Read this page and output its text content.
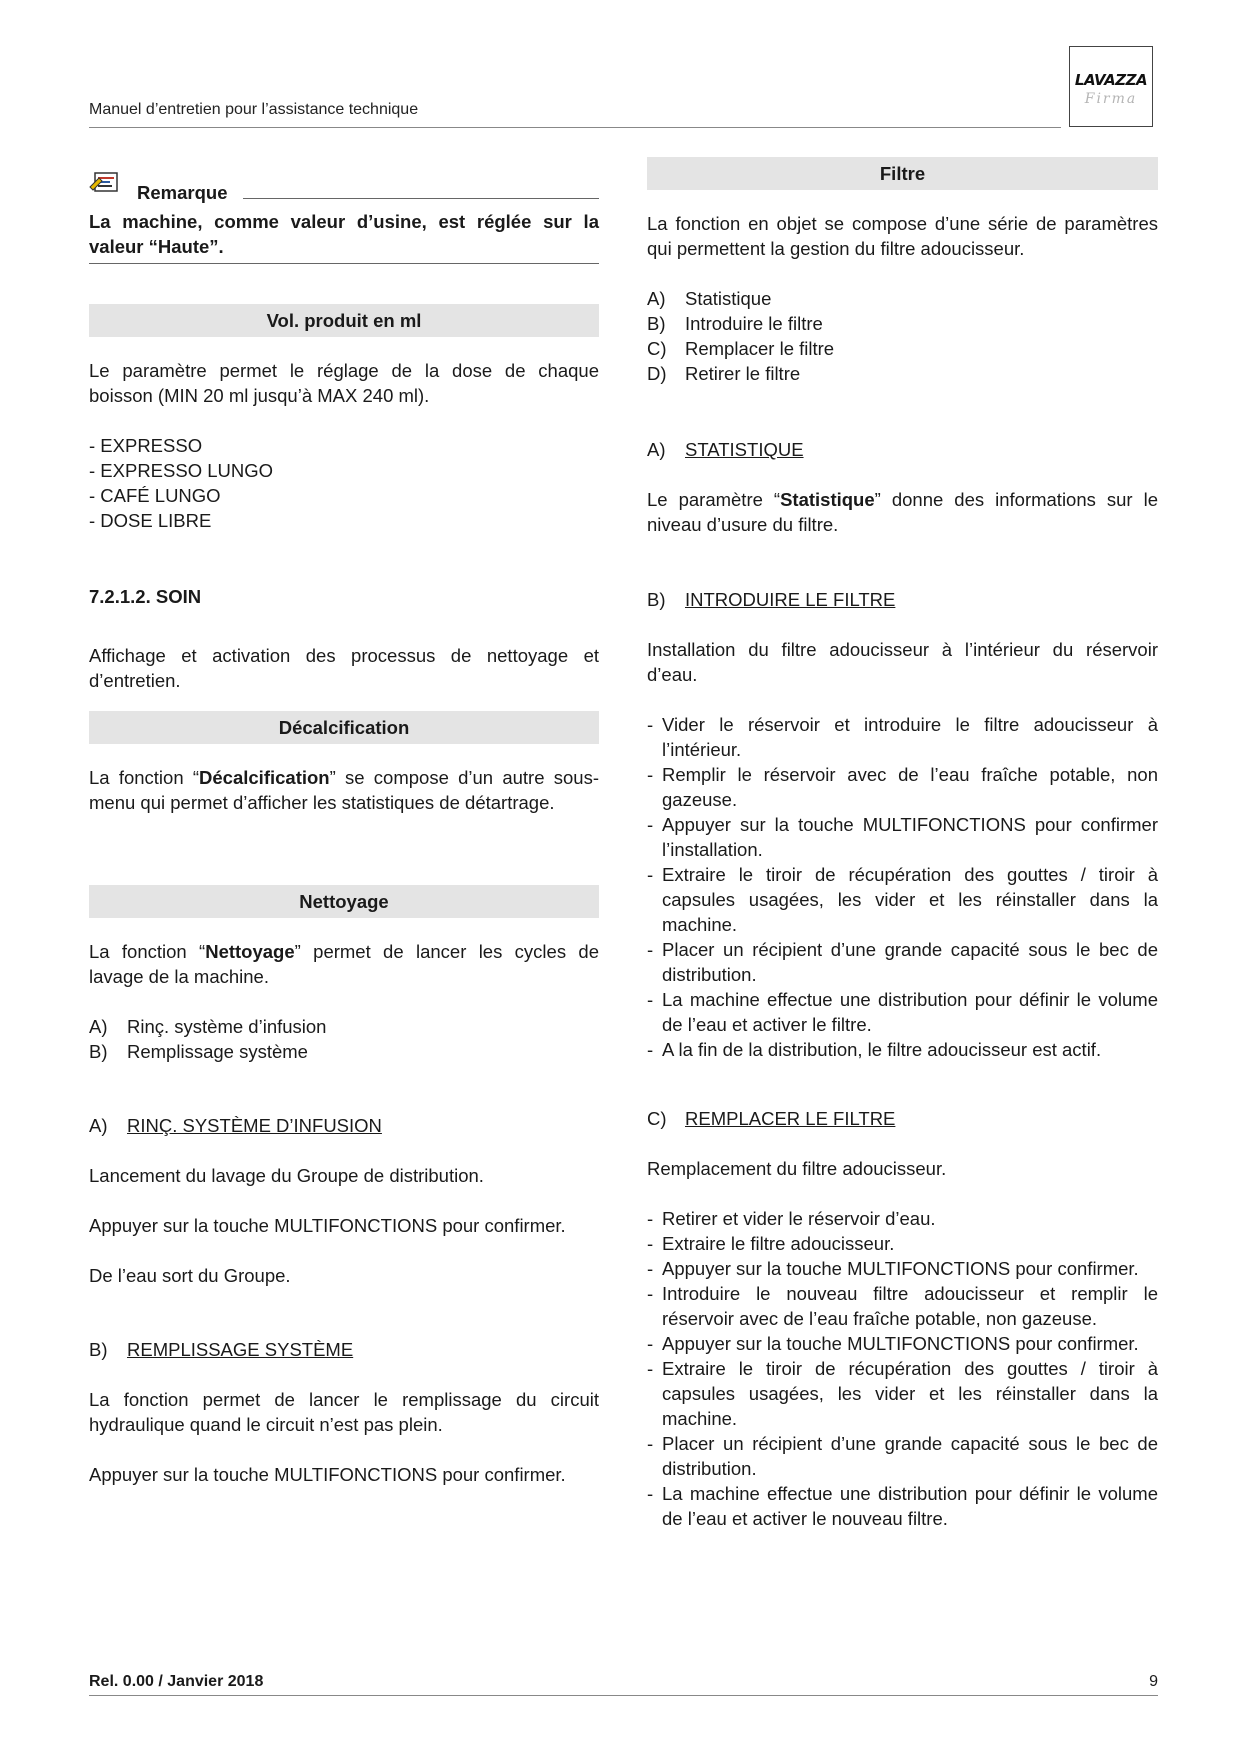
Manuel d’entretien pour l’assistance technique
LAVAZZA
Firma
Remarque

La machine, comme valeur d’usine, est réglée sur la valeur “Haute”.

Vol. produit en ml

Le paramètre permet le réglage de la dose de chaque boisson (MIN 20 ml jusqu’à MAX 240 ml).

- EXPRESSO
- EXPRESSO LUNGO
- CAFÉ LUNGO
- DOSE LIBRE
7.2.1.2. SOIN

Affichage et activation des processus de nettoyage et d’entretien.

Décalcification

La fonction “Décalcification” se compose d’un autre sous-menu qui permet d’afficher les statistiques de détartrage.

Nettoyage

La fonction “Nettoyage” permet de lancer les cycles de lavage de la machine.

A)	Rinç. système d’infusion
B)	Remplissage système
A)	RINÇ. SYSTÈME D’INFUSION

Lancement du lavage du Groupe de distribution.

Appuyer sur la touche MULTIFONCTIONS pour confirmer.

De l’eau sort du Groupe.

B)	REMPLISSAGE SYSTÈME

La fonction permet de lancer le remplissage du circuit hydraulique quand le circuit n’est pas plein.

Appuyer sur la touche MULTIFONCTIONS pour confirmer.

Filtre

La fonction en objet se compose d’une série de paramètres qui permettent la gestion du filtre adoucisseur.

A)	Statistique
B)	Introduire le filtre
C) Remplacer le filtre
D) Retirer le filtre
A)	STATISTIQUE

Le paramètre “Statistique” donne des informations sur le niveau d’usure du filtre.

B)	INTRODUIRE LE FILTRE

Installation du filtre adoucisseur à l’intérieur du réservoir d’eau.

- Vider le réservoir et introduire le filtre adoucisseur à l’intérieur.
- Remplir le réservoir avec de l’eau fraîche potable, non gazeuse.
- Appuyer sur la touche MULTIFONCTIONS pour confirmer l’installation.
- Extraire le tiroir de récupération des gouttes / tiroir à capsules usagées, les vider et les réinstaller dans la machine.
- Placer un récipient d’une grande capacité sous le bec de distribution.
- La machine effectue une distribution pour définir le volume de l’eau et activer le filtre.
- A la fin de la distribution, le filtre adoucisseur est actif.
C) REMPLACER LE FILTRE

Remplacement du filtre adoucisseur.

- Retirer et vider le réservoir d’eau.
- Extraire le filtre adoucisseur.
- Appuyer sur la touche MULTIFONCTIONS pour confirmer.
- Introduire le nouveau filtre adoucisseur et remplir le réservoir avec de l’eau fraîche potable, non gazeuse.
- Appuyer sur la touche MULTIFONCTIONS pour confirmer.
- Extraire le tiroir de récupération des gouttes / tiroir à capsules usagées, les vider et les réinstaller dans la machine.
- Placer un récipient d’une grande capacité sous le bec de distribution.
- La machine effectue une distribution pour définir le volume de l’eau et activer le nouveau filtre.
Rel. 0.00 / Janvier 2018	9
